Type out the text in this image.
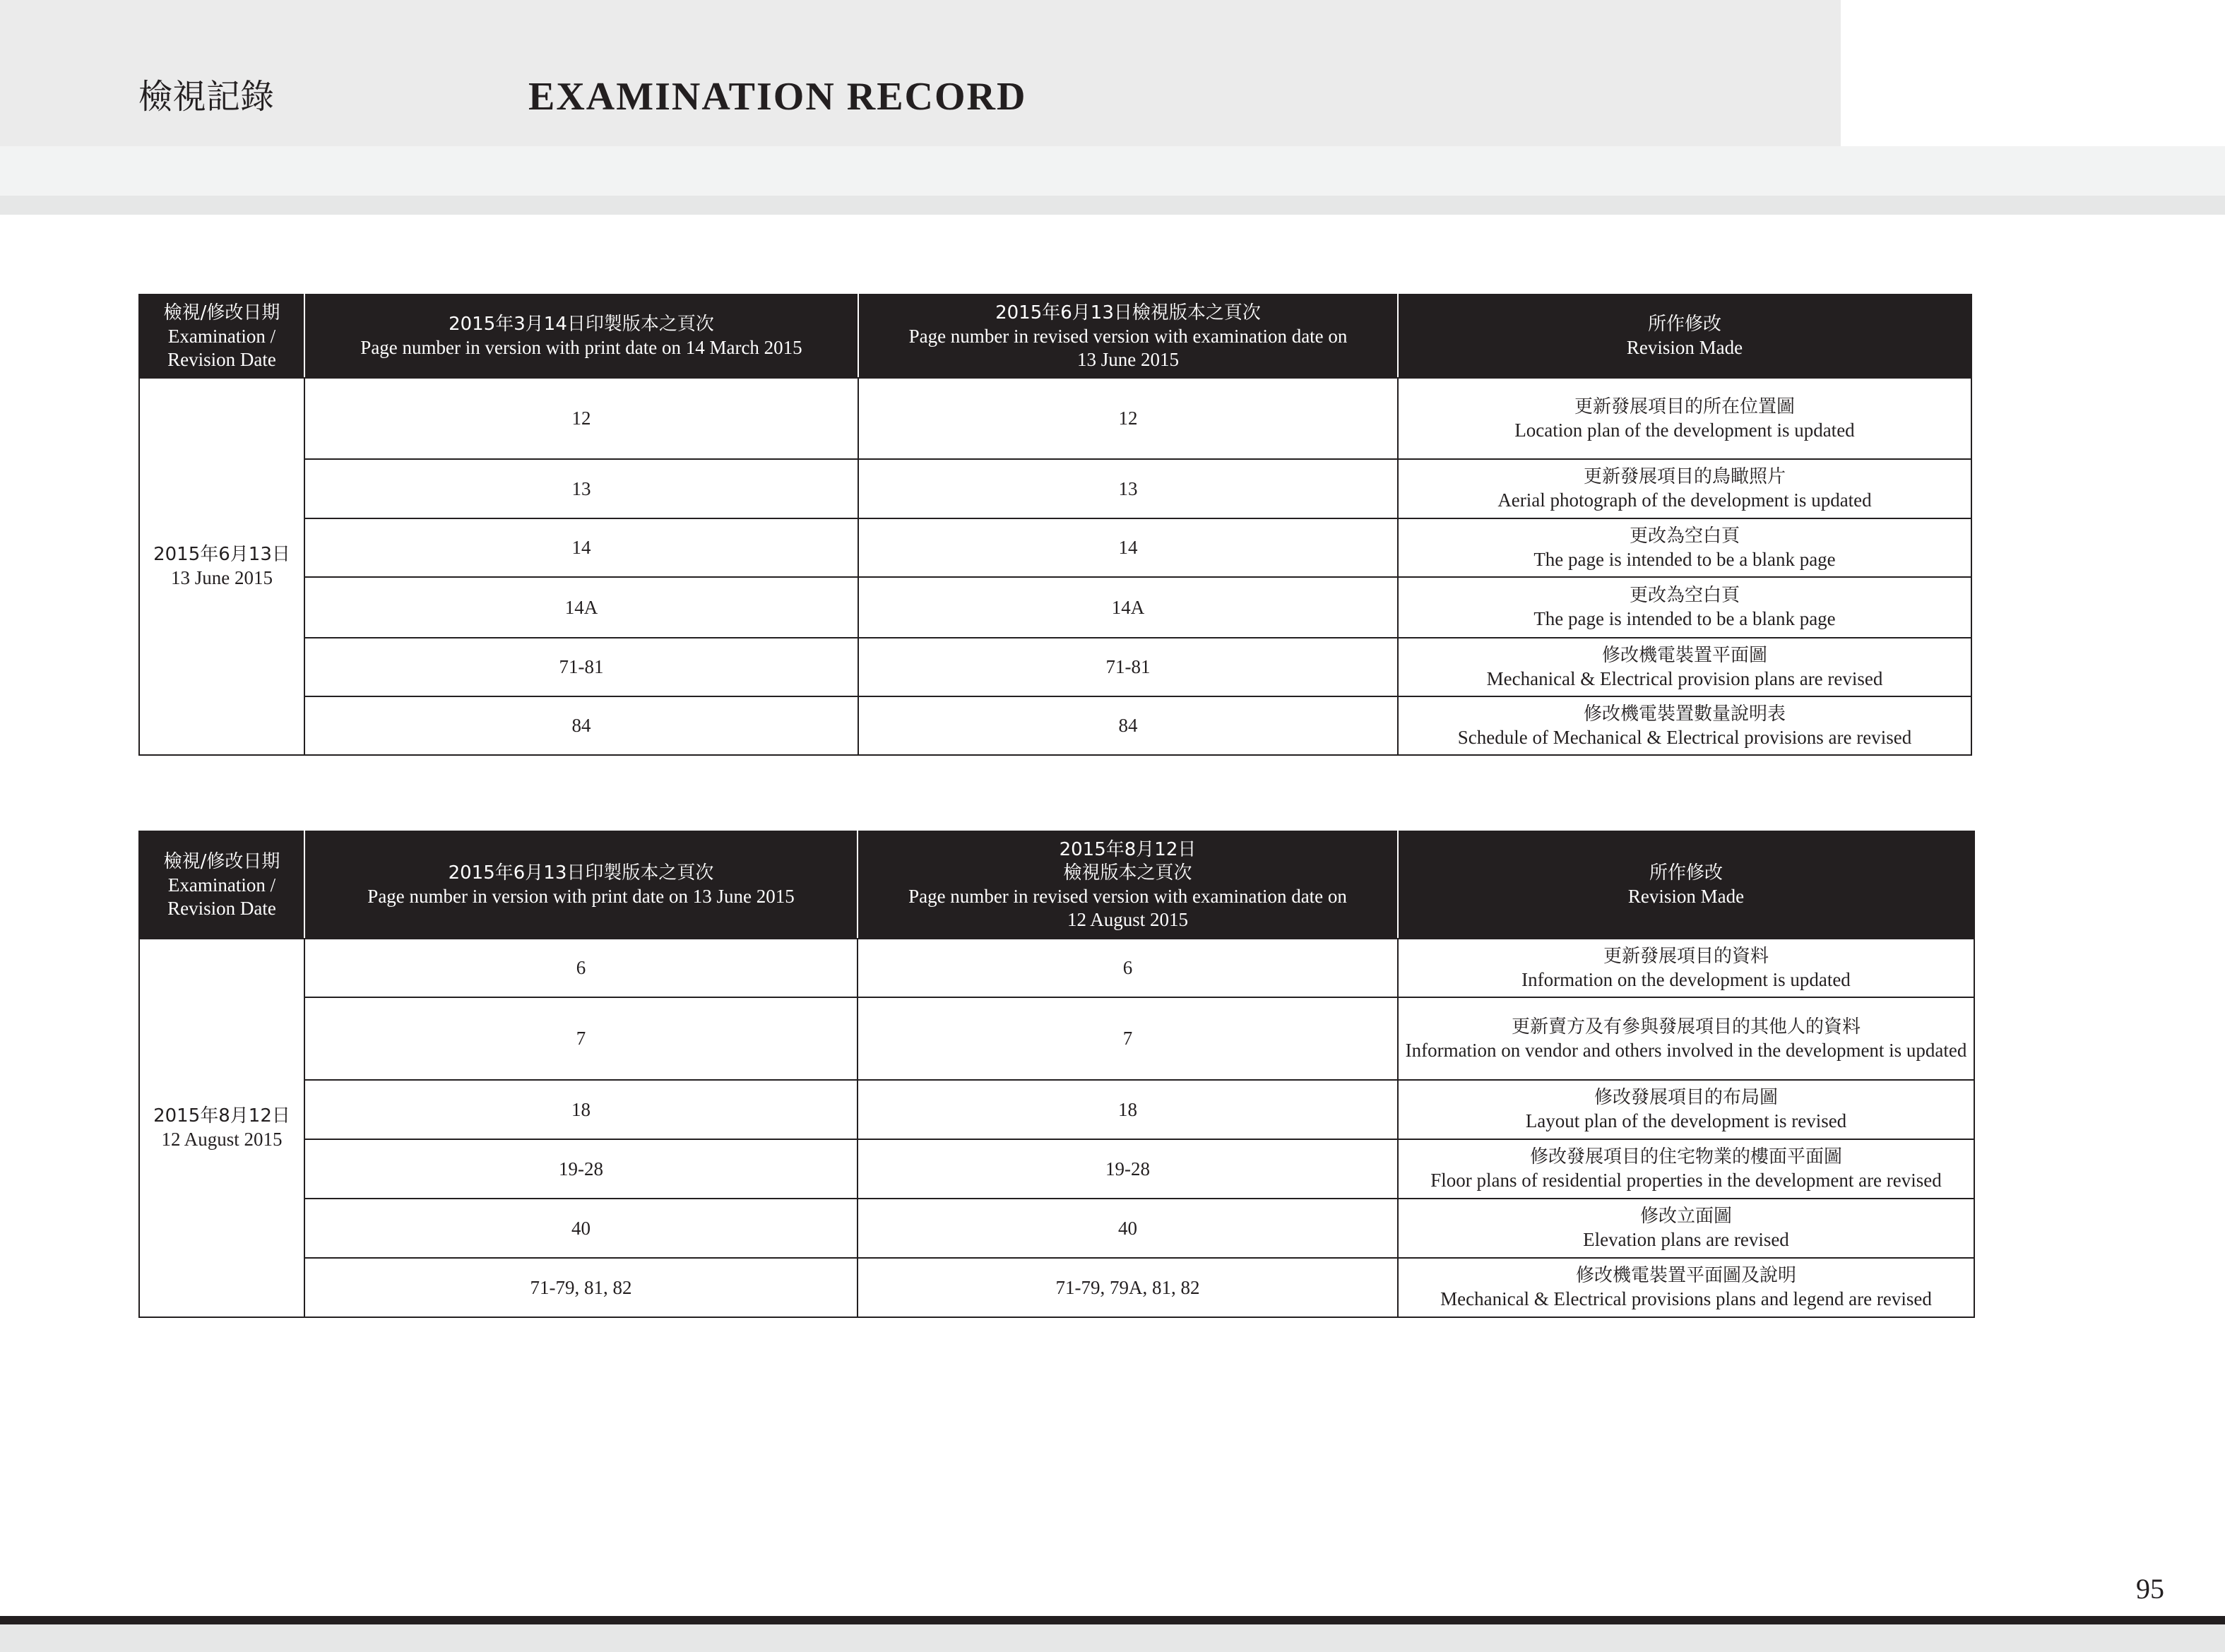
檢視記錄	EXAMINATION RECORD
檢視/修改日期
Examination /
Revision Date	2015年3月14日印製版本之頁次
Page number in version with print date on 14 March 2015	2015年6月13日檢視版本之頁次
Page number in revised version with examination date on
13 June 2015	所作修改
Revision Made

2015年6月13日
13 June 2015	12	12	更新發展項目的所在位置圖
Location plan of the development is updated

	13	13	更新發展項目的鳥瞰照片
Aerial photograph of the development is updated

	14	14	更改為空白頁
The page is intended to be a blank page

	14A	14A	更改為空白頁
The page is intended to be a blank page

	71-81	71-81	修改機電裝置平面圖
Mechanical & Electrical provision plans are revised

	84	84	修改機電裝置數量說明表
Schedule of Mechanical & Electrical provisions are revised
檢視/修改日期
Examination /
Revision Date	2015年6月13日印製版本之頁次
Page number in version with print date on 13 June 2015	2015年8月12日
檢視版本之頁次
Page number in revised version with examination date on
12 August 2015	所作修改
Revision Made

2015年8月12日
12 August 2015	6	6	更新發展項目的資料
Information on the development is updated

	7	7	更新賣方及有參與發展項目的其他人的資料
Information on vendor and others involved in the development is updated

	18	18	修改發展項目的布局圖
Layout plan of the development is revised

	19-28	19-28	修改發展項目的住宅物業的樓面平面圖
Floor plans of residential properties in the development are revised

	40	40	修改立面圖
Elevation plans are revised

	71-79, 81, 82	71-79, 79A, 81, 82	修改機電裝置平面圖及說明
Mechanical & Electrical provisions plans and legend are revised
95
